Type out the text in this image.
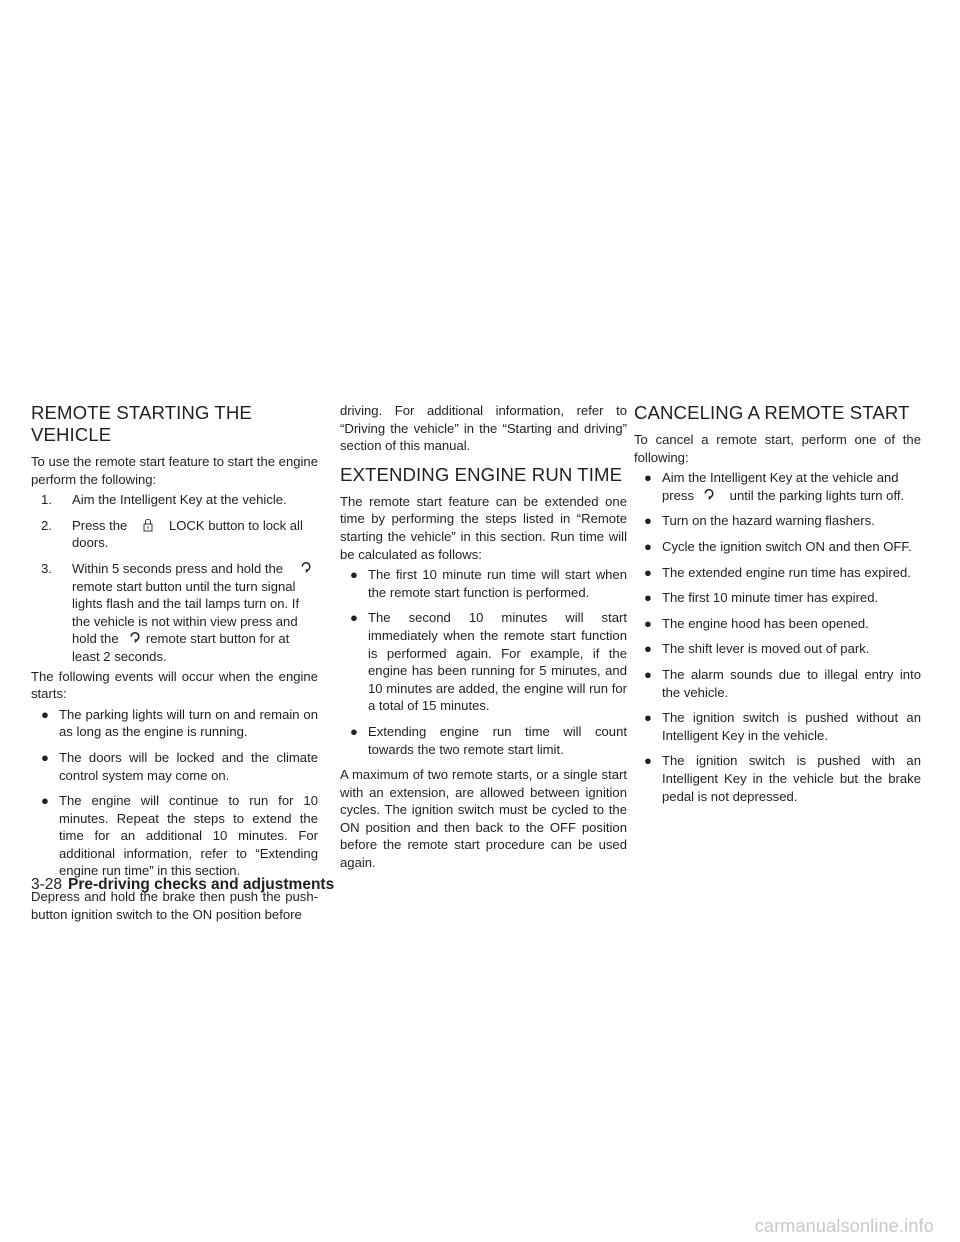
REMOTE STARTING THE VEHICLE

To use the remote start feature to start the engine perform the following:

1. Aim the Intelligent Key at the vehicle.
2. Press the	LOCK button to lock all doors.
3. Within 5 seconds press and hold the  remote start button until the turn signal lights flash and the tail lamps turn on. If the vehicle is not within view press and hold the remote start button for at least 2 seconds.

The following events will occur when the engine starts:

● The parking lights will turn on and remain on as long as the engine is running.
● The doors will be locked and the climate control system may come on.
● The engine will continue to run for 10 minutes. Repeat the steps to extend the time for an additional 10 minutes. For additional information, refer to “Extending engine run time” in this section.

Depress and hold the brake then push the push-button ignition switch to the ON position before

driving. For additional information, refer to “Driving the vehicle” in the “Starting and driving” section of this manual.

EXTENDING ENGINE RUN TIME

The remote start feature can be extended one time by performing the steps listed in “Remote starting the vehicle” in this section. Run time will be calculated as follows:

● The first 10 minute run time will start when the remote start function is performed.
● The second 10 minutes will start immediately when the remote start function is performed again. For example, if the engine has been running for 5 minutes, and 10 minutes are added, the engine will run for a total of 15 minutes.
● Extending engine run time will count towards the two remote start limit.

A maximum of two remote starts, or a single start with an extension, are allowed between ignition cycles. The ignition switch must be cycled to the ON position and then back to the OFF position before the remote start procedure can be used again.

CANCELING A REMOTE START

To cancel a remote start, perform one of the following:

● Aim the Intelligent Key at the vehicle and press	until the parking lights turn off.
● Turn on the hazard warning flashers.
● Cycle the ignition switch ON and then OFF.
● The extended engine run time has expired.
● The first 10 minute timer has expired.
● The engine hood has been opened.
● The shift lever is moved out of park.
● The alarm sounds due to illegal entry into the vehicle.
● The ignition switch is pushed without an Intelligent Key in the vehicle.
● The ignition switch is pushed with an Intelligent Key in the vehicle but the brake pedal is not depressed.
3-28 Pre-driving checks and adjustments
carmanualsonline.info
